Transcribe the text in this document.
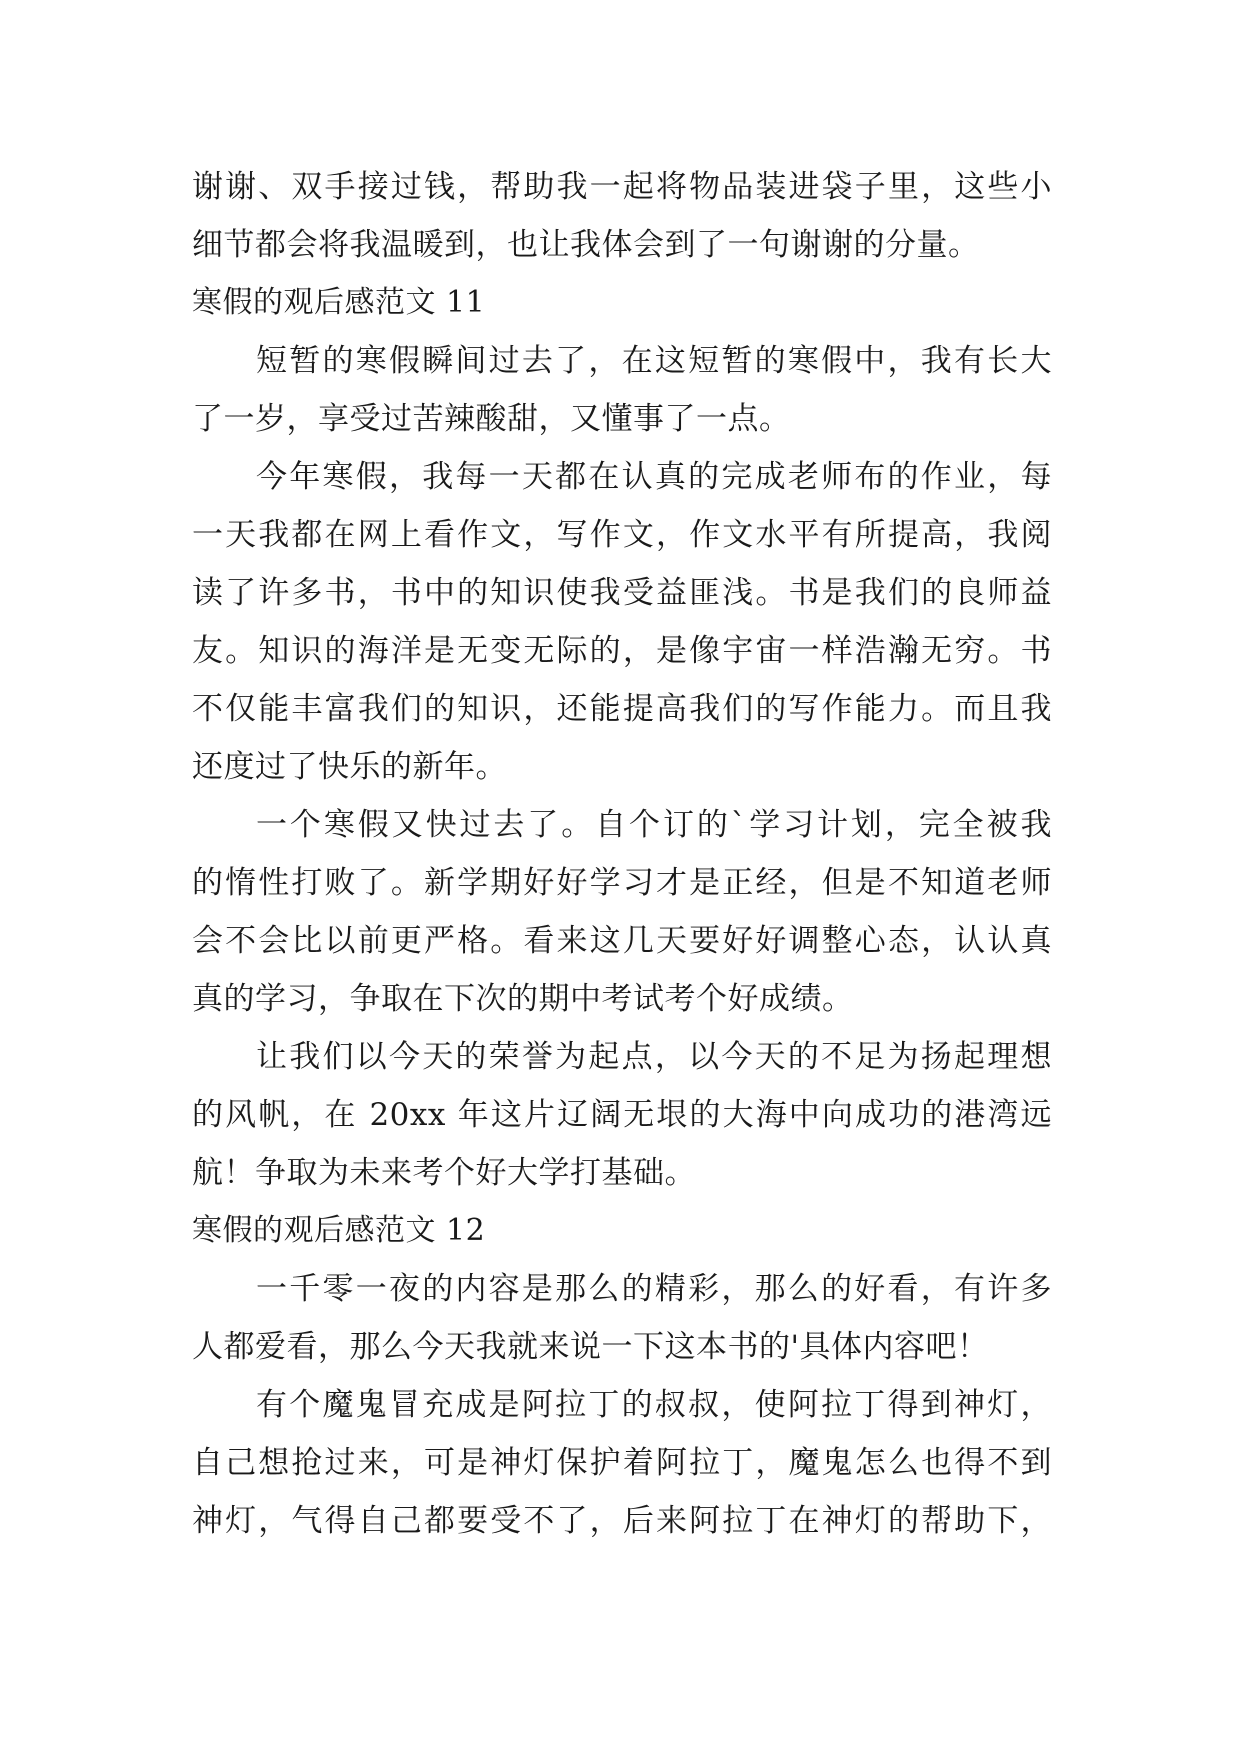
谢谢、双手接过钱，帮助我一起将物品装进袋子里，这些小
细节都会将我温暖到，也让我体会到了一句谢谢的分量。
寒假的观后感范文 11
短暂的寒假瞬间过去了，在这短暂的寒假中，我有长大
了一岁，享受过苦辣酸甜，又懂事了一点。
今年寒假，我每一天都在认真的完成老师布的作业，每
一天我都在网上看作文，写作文，作文水平有所提高，我阅
读了许多书，书中的知识使我受益匪浅。书是我们的良师益
友。知识的海洋是无变无际的，是像宇宙一样浩瀚无穷。书
不仅能丰富我们的知识，还能提高我们的写作能力。而且我
还度过了快乐的新年。
一个寒假又快过去了。自个订的`学习计划，完全被我
的惰性打败了。新学期好好学习才是正经，但是不知道老师
会不会比以前更严格。看来这几天要好好调整心态，认认真
真的学习，争取在下次的期中考试考个好成绩。
让我们以今天的荣誉为起点，以今天的不足为扬起理想
的风帆，在 20xx 年这片辽阔无垠的大海中向成功的港湾远
航！争取为未来考个好大学打基础。
寒假的观后感范文 12
一千零一夜的内容是那么的精彩，那么的好看，有许多
人都爱看，那么今天我就来说一下这本书的'具体内容吧！
有个魔鬼冒充成是阿拉丁的叔叔，使阿拉丁得到神灯，
自己想抢过来，可是神灯保护着阿拉丁，魔鬼怎么也得不到
神灯，气得自己都要受不了，后来阿拉丁在神灯的帮助下，
